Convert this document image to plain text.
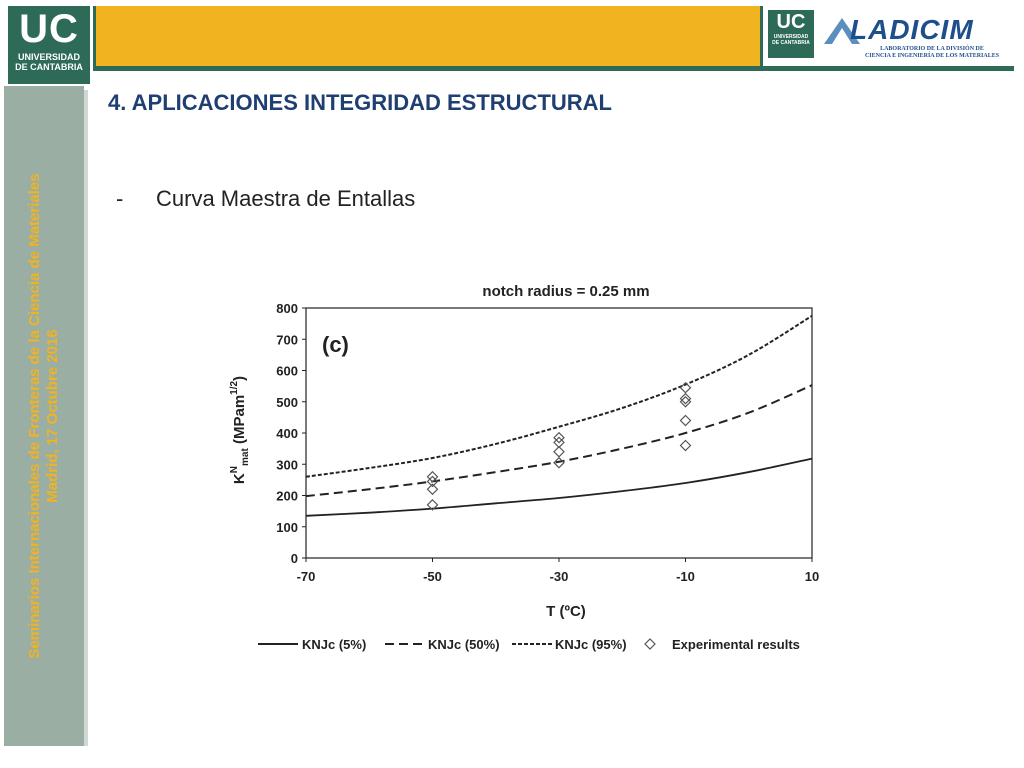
UC
UNIVERSIDAD
DE CANTABRIA
UC
UNIVERSIDAD
DE CANTABRIA LADICIM
LABORATORIO DE LA DIVISIÓN DE
CIENCIA E INGENIERÍA DE LOS MATERIALES
Seminarios Internacionales de Fronteras de la Ciencia de Materiales Madrid, 17 Octubre 2016
4. APLICACIONES INTEGRIDAD ESTRUCTURAL
- Curva Maestra de Entallas
notch radius = 0.25 mm
0
100
200
300
400
500
600
700
800
-70	-50	-30	-10	10
(c)
T (ºC)
$K^N_{mat}$ (MPam$^{1/2}$)
KNJc (5%)	KNJc (50%)	KNJc (95%)	Experimental results
